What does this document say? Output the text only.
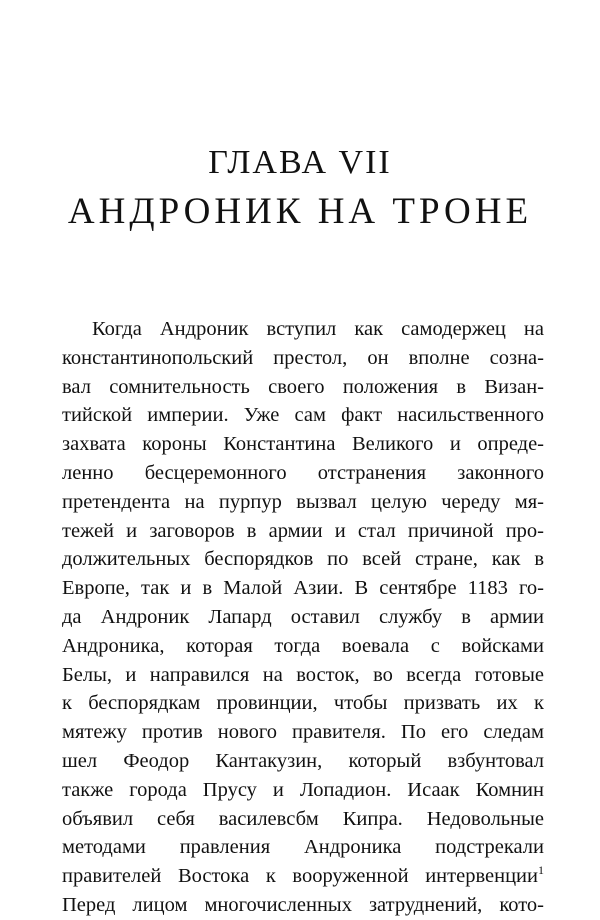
ГЛАВА VII
АНДРОНИК НА ТРОНЕ
Когда Андроник вступил как самодержец на
константинопольский престол, он вполне созна-
вал сомнительность своего положения в Визан-
тийской империи. Уже сам факт насильственного
захвата короны Константина Великого и опреде-
ленно бесцеремонного отстранения законного
претендента на пурпур вызвал целую череду мя-
тежей и заговоров в армии и стал причиной про-
должительных беспорядков по всей стране, как в
Европе, так и в Малой Азии. В сентябре 1183 го-
да Андроник Лапард оставил службу в армии
Андроника, которая тогда воевала с войсками
Белы, и направился на восток, во всегда готовые
к беспорядкам провинции, чтобы призвать их к
мятежу против нового правителя. По его следам
шел Феодор Кантакузин, который взбунтовал
также города Прусу и Лопадион. Исаак Комнин
объявил себя василевсбм Кипра. Недовольные
методами правления Андроника подстрекали
правителей Востока к вооруженной интервенции$^1$
Перед лицом многочисленных затруднений, кото-
